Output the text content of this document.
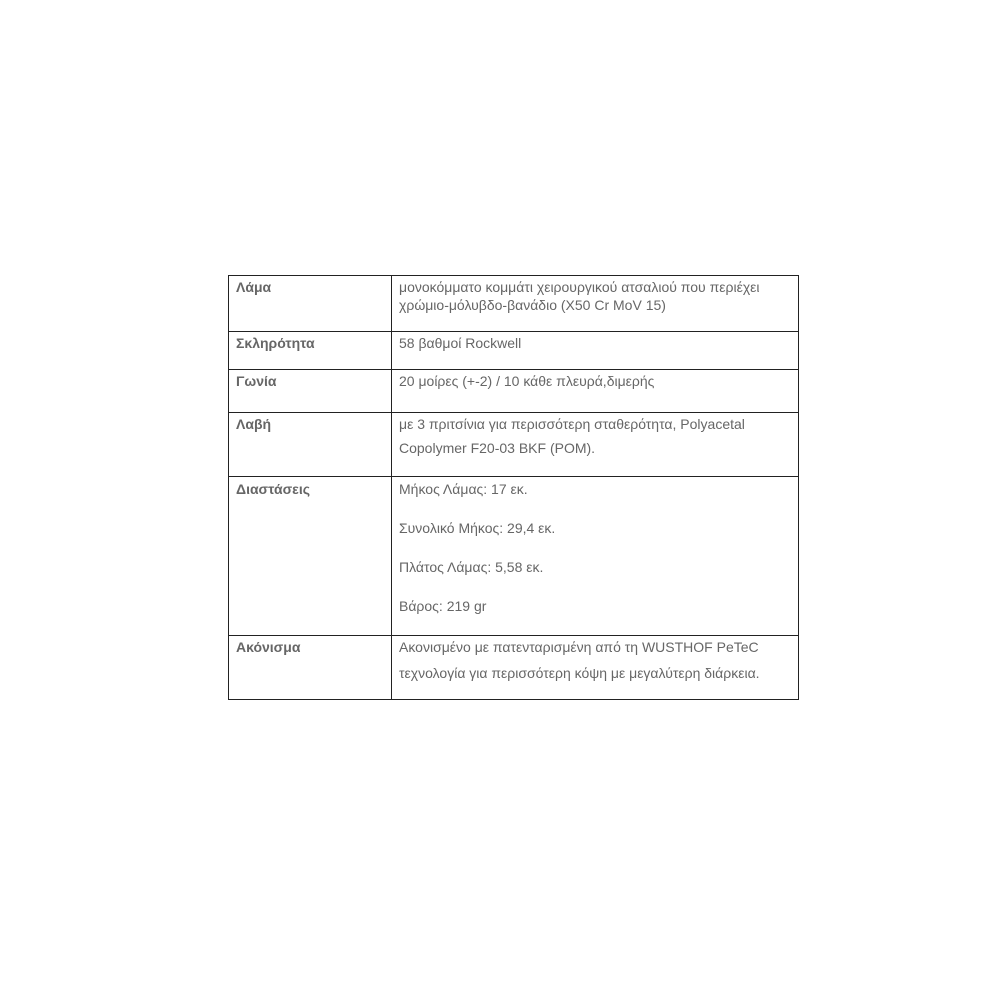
Λάμα	μονοκόμματο κομμάτι χειρουργικού ατσαλιού που περιέχει χρώμιο-μόλυβδο-βανάδιο (Χ50 Cr MoV 15)

Σκληρότητα	58 βαθμοί Rockwell

Γωνία	20 μοίρες (+-2) / 10 κάθε πλευρά,διμερής

Λαβή	με 3 πριτσίνια για περισσότερη σταθερότητα, Polyacetal Copolymer F20-03 BKF (POM).

Διαστάσεις	Μήκος Λάμας: 17 εκ.
Συνολικό Μήκος: 29,4 εκ.
Πλάτος Λάμας: 5,58 εκ.
Βάρος: 219 gr

Ακόνισμα	Ακονισμένο με πατενταρισμένη από τη WUSTHOF PeTeC τεχνολογία για περισσότερη κόψη με μεγαλύτερη διάρκεια.
